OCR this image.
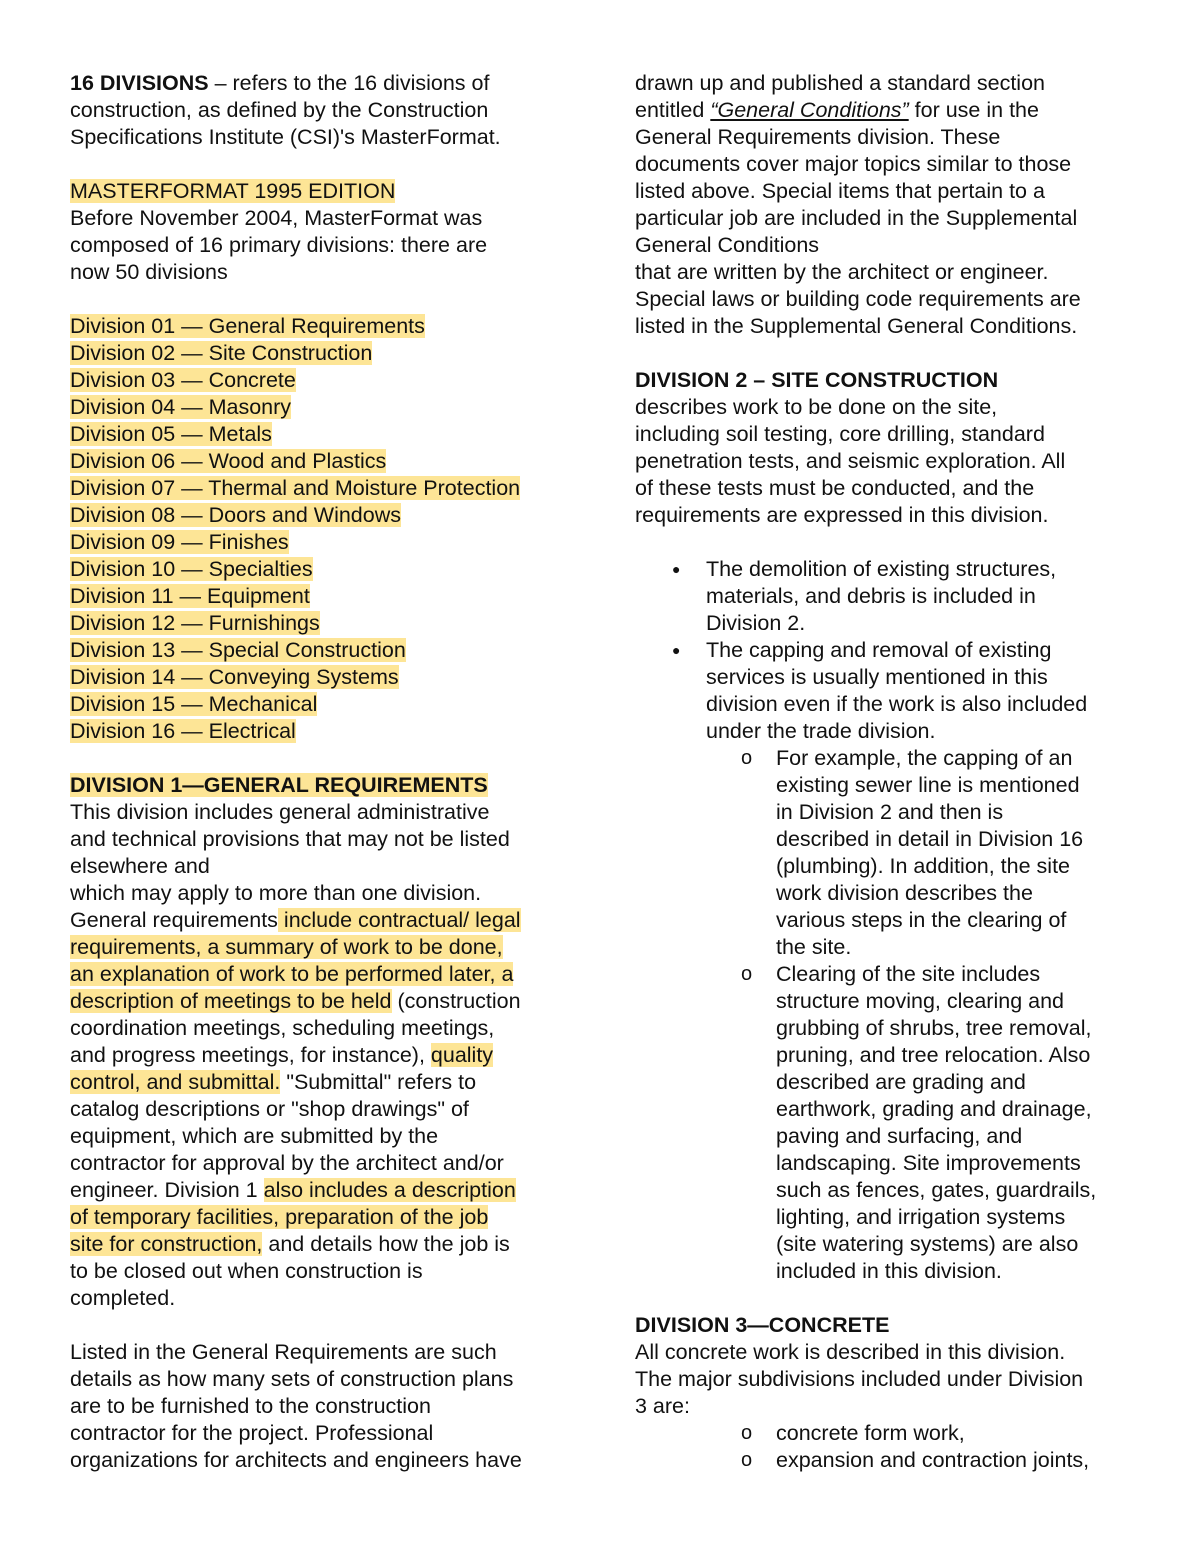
16 DIVISIONS – refers to the 16 divisions of
construction, as defined by the Construction
Specifications Institute (CSI)'s MasterFormat.
MASTERFORMAT 1995 EDITION
Before November 2004, MasterFormat was
composed of 16 primary divisions: there are
now 50 divisions
Division 01 — General Requirements
Division 02 — Site Construction
Division 03 — Concrete
Division 04 — Masonry
Division 05 — Metals
Division 06 — Wood and Plastics
Division 07 — Thermal and Moisture Protection
Division 08 — Doors and Windows
Division 09 — Finishes
Division 10 — Specialties
Division 11 — Equipment
Division 12 — Furnishings
Division 13 — Special Construction
Division 14 — Conveying Systems
Division 15 — Mechanical
Division 16 — Electrical
DIVISION 1—GENERAL REQUIREMENTS
This division includes general administrative
and technical provisions that may not be listed
elsewhere and
which may apply to more than one division.
General requirements include contractual/ legal
requirements, a summary of work to be done,
an explanation of work to be performed later, a
description of meetings to be held (construction
coordination meetings, scheduling meetings,
and progress meetings, for instance), quality
control, and submittal. "Submittal" refers to
catalog descriptions or "shop drawings" of
equipment, which are submitted by the
contractor for approval by the architect and/or
engineer. Division 1 also includes a description
of temporary facilities, preparation of the job
site for construction, and details how the job is
to be closed out when construction is
completed.
Listed in the General Requirements are such
details as how many sets of construction plans
are to be furnished to the construction
contractor for the project. Professional
organizations for architects and engineers have
drawn up and published a standard section
entitled “General Conditions” for use in the
General Requirements division. These
documents cover major topics similar to those
listed above. Special items that pertain to a
particular job are included in the Supplemental
General Conditions
that are written by the architect or engineer.
Special laws or building code requirements are
listed in the Supplemental General Conditions.
DIVISION 2 – SITE CONSTRUCTION
describes work to be done on the site,
including soil testing, core drilling, standard
penetration tests, and seismic exploration. All
of these tests must be conducted, and the
requirements are expressed in this division.
● The demolition of existing structures,
materials, and debris is included in
Division 2.
● The capping and removal of existing
services is usually mentioned in this
division even if the work is also included
under the trade division.
o For example, the capping of an
existing sewer line is mentioned
in Division 2 and then is
described in detail in Division 16
(plumbing). In addition, the site
work division describes the
various steps in the clearing of
the site.
o Clearing of the site includes
structure moving, clearing and
grubbing of shrubs, tree removal,
pruning, and tree relocation. Also
described are grading and
earthwork, grading and drainage,
paving and surfacing, and
landscaping. Site improvements
such as fences, gates, guardrails,
lighting, and irrigation systems
(site watering systems) are also
included in this division.
DIVISION 3—CONCRETE
All concrete work is described in this division.
The major subdivisions included under Division
3 are:
o concrete form work,
o expansion and contraction joints,
